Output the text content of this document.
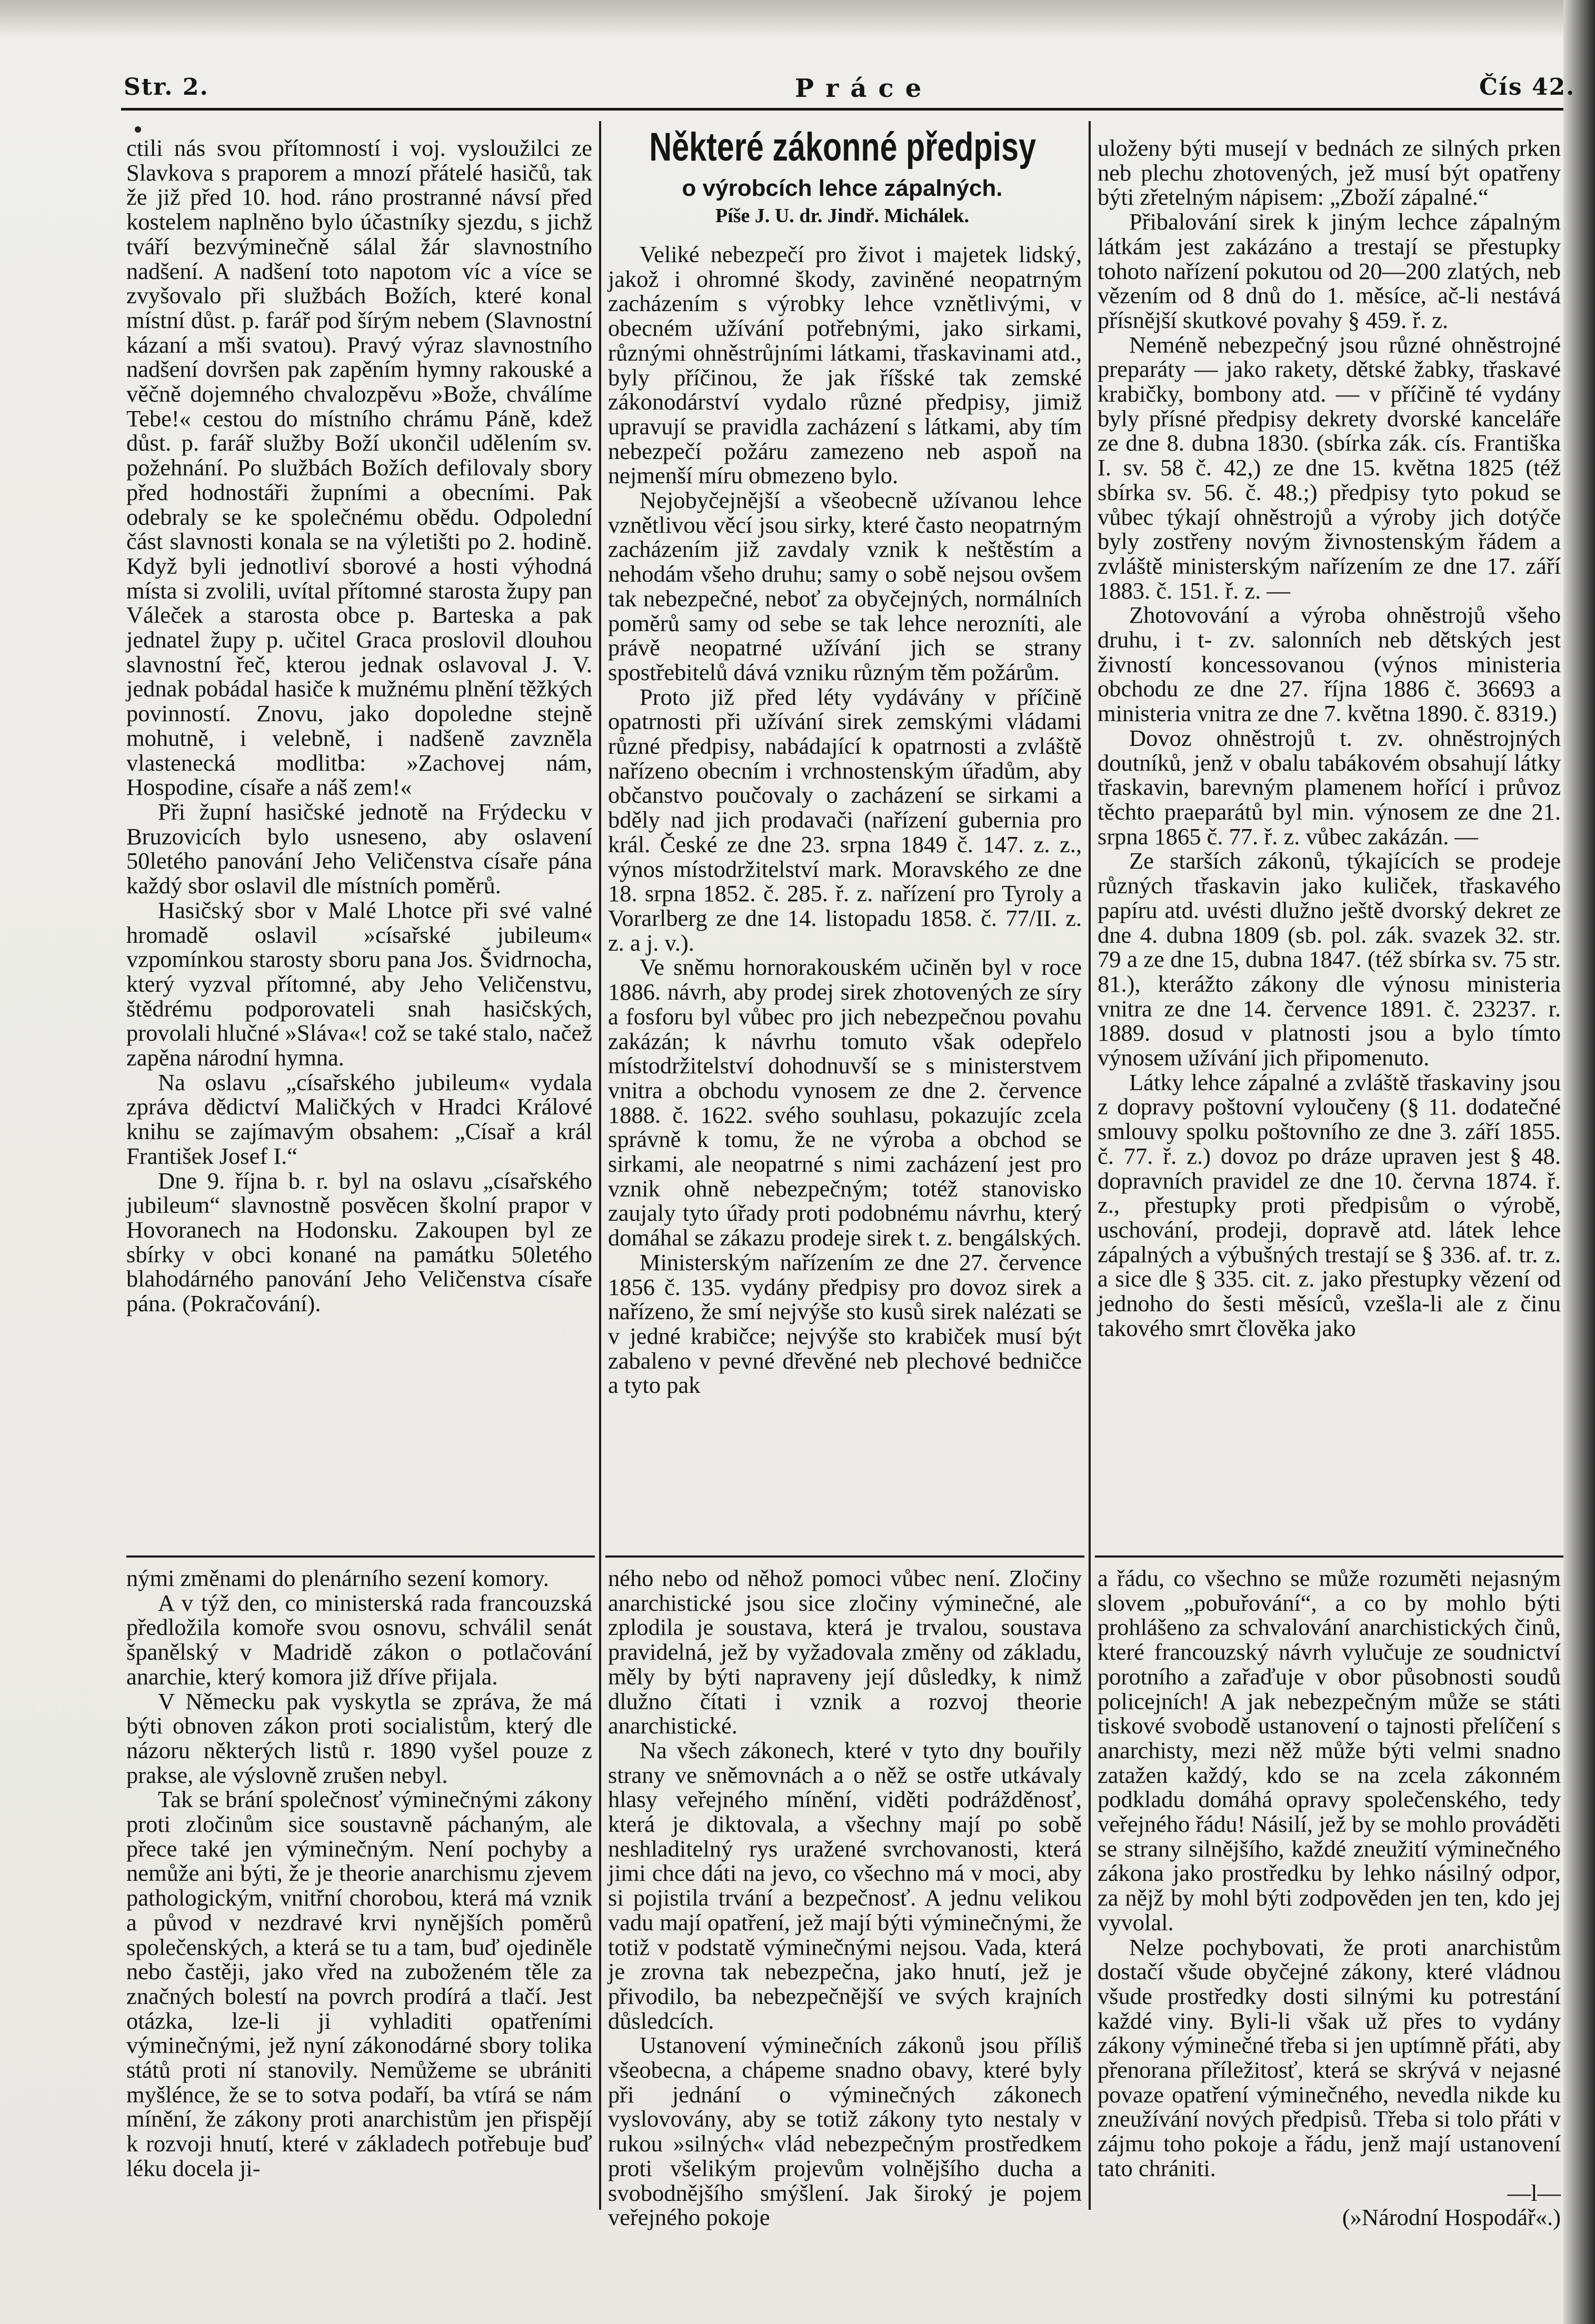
Str. 2.	Práce	Čís 42.

ctili nás svou přítomností i voj. vysloužilci ze Slavkova s praporem a mnozí přátelé hasičů, tak že již před 10. hod. ráno prostranné návsí před kostelem naplněno bylo účastníky sjezdu, s jichž tváří bezvýminečně sálal žár slavnostního nadšení. A nadšení toto napotom víc a více se zvyšovalo při službách Božích, které konal místní důst. p. farář pod šírým nebem (Slavnostní kázaní a mši svatou). Pravý výraz slavnostního nadšení dovršen pak zapěním hymny rakouské a věčně dojemného chvalozpěvu »Bože, chválíme Tebe!« cestou do místního chrámu Páně, kdež důst. p. farář služby Boží ukončil udělením sv. požehnání. Po službách Božích defilovaly sbory před hodnostáři župními a obecními. Pak odebraly se ke společnému obědu. Odpolední část slavnosti konala se na výletišti po 2. hodině. Když byli jednotliví sborové a hosti výhodná místa si zvolili, uvítal přítomné starosta župy pan Váleček a starosta obce p. Barteska a pak jednatel župy p. učitel Graca proslovil dlouhou slavnostní řeč, kterou jednak oslavoval J. V. jednak pobádal hasiče k mužnému plnění těžkých povinností. Znovu, jako dopoledne stejně mohutně, i velebně, i nadšeně zavzněla vlastenecká modlitba: »Zachovej nám, Hospodine, císaře a náš zem!«

Při župní hasičské jednotě na Frýdecku v Bruzovicích bylo usneseno, aby oslavení 50letého panování Jeho Veličenstva císaře pána každý sbor oslavil dle místních poměrů.

Hasičský sbor v Malé Lhotce při své valné hromadě oslavil »císařské jubileum« vzpomínkou starosty sboru pana Jos. Švidrnocha, který vyzval přítomné, aby Jeho Veličenstvu, štědrému podporovateli snah hasičských, provolali hlučné »Sláva«! což se také stalo, načež zapěna národní hymna.

Na oslavu „císařského jubileum« vydala zpráva dědictví Maličkých v Hradci Králové knihu se zajímavým obsahem: „Císař a král František Josef I.“

Dne 9. října b. r. byl na oslavu „císařského jubileum“ slavnostně posvěcen školní prapor v Hovoranech na Hodonsku. Zakoupen byl ze sbírky v obci konané na památku 50letého blahodárného panování Jeho Veličenstva císaře pána. (Pokračování).

Některé zákonné předpisy

o výrobcích lehce zápalných.

Píše J. U. dr. Jindř. Michálek.

Veliké nebezpečí pro život i majetek lidský, jakož i ohromné škody, zaviněné neopatrným zacházením s výrobky lehce vznětlivými, v obecném užívání potřebnými, jako sirkami, různými ohněstrůjními látkami, třaskavinami atd., byly příčinou, že jak říšské tak zemské zákonodárství vydalo různé předpisy, jimiž upravují se pravidla zacházení s látkami, aby tím nebezpečí požáru zamezeno neb aspoň na nejmenší míru obmezeno bylo.

Nejobyčejnější a všeobecně užívanou lehce vznětlivou věcí jsou sirky, které často neopatrným zacházením již zavdaly vznik k neštěstím a nehodám všeho druhu; samy o sobě nejsou ovšem tak nebezpečné, neboť za obyčejných, normálních poměrů samy od sebe se tak lehce nerozníti, ale právě neopatrné užívání jich se strany spostřebitelů dává vzniku různým těm požárům.

Proto již před léty vydávány v příčině opatrnosti při užívání sirek zemskými vládami různé předpisy, nabádající k opatrnosti a zvláště nařízeno obecním i vrchnostenským úřadům, aby občanstvo poučovaly o zacházení se sirkami a bděly nad jich prodavači (nařízení gubernia pro král. České ze dne 23. srpna 1849 č. 147. z. z., výnos místodržitelství mark. Moravského ze dne 18. srpna 1852. č. 285. ř. z. nařízení pro Tyroly a Vorarlberg ze dne 14. listopadu 1858. č. 77/II. z. z. a j. v.).

Ve sněmu hornorakouském učiněn byl v roce 1886. návrh, aby prodej sirek zhotovených ze síry a fosforu byl vůbec pro jich nebezpečnou povahu zakázán; k návrhu tomuto však odepřelo místodržitelství dohodnuvší se s ministerstvem vnitra a obchodu vynosem ze dne 2. července 1888. č. 1622. svého souhlasu, pokazujíc zcela správně k tomu, že ne výroba a obchod se sirkami, ale neopatrné s nimi zacházení jest pro vznik ohně nebezpečným; totéž stanovisko zaujaly tyto úřady proti podobnému návrhu, který domáhal se zákazu prodeje sirek t. z. bengálských.

Ministerským nařízením ze dne 27. července 1856 č. 135. vydány předpisy pro dovoz sirek a nařízeno, že smí nejvýše sto kusů sirek nalézati se v jedné krabičce; nejvýše sto krabiček musí být zabaleno v pevné dřevěné neb plechové bedničce a tyto pak

uloženy býti musejí v bednách ze silných prken neb plechu zhotovených, jež musí být opatřeny býti zřetelným nápisem: „Zboží zápalné.“

Přibalování sirek k jiným lechce zápalným látkám jest zakázáno a trestají se přestupky tohoto nařízení pokutou od 20—200 zlatých, neb vězením od 8 dnů do 1. měsíce, ač-li nestává přísnější skutkové povahy § 459. ř. z.

Neméně nebezpečný jsou různé ohněstrojné preparáty — jako rakety, dětské žabky, třaskavé krabičky, bombony atd. — v příčině té vydány byly přísné předpisy dekrety dvorské kanceláře ze dne 8. dubna 1830. (sbírka zák. cís. Františka I. sv. 58 č. 42,) ze dne 15. května 1825 (též sbírka sv. 56. č. 48.;) předpisy tyto pokud se vůbec týkají ohněstrojů a výroby jich dotýče byly zostřeny novým živnostenským řádem a zvláště ministerským nařízením ze dne 17. září 1883. č. 151. ř. z. —

Zhotovování a výroba ohněstrojů všeho druhu, i t- zv. salonních neb dětských jest živností koncessovanou (výnos ministeria obchodu ze dne 27. října 1886 č. 36693 a ministeria vnitra ze dne 7. května 1890. č. 8319.)

Dovoz ohněstrojů t. zv. ohněstrojných doutníků, jenž v obalu tabákovém obsahují látky třaskavin, barevným plamenem hořící i průvoz těchto praeparátů byl min. výnosem ze dne 21. srpna 1865 č. 77. ř. z. vůbec zakázán. —

Ze starších zákonů, týkajících se prodeje různých třaskavin jako kuliček, třaskavého papíru atd. uvésti dlužno ještě dvorský dekret ze dne 4. dubna 1809 (sb. pol. zák. svazek 32. str. 79 a ze dne 15, dubna 1847. (též sbírka sv. 75 str. 81.), kterážto zákony dle výnosu ministeria vnitra ze dne 14. července 1891. č. 23237. r. 1889. dosud v platnosti jsou a bylo tímto výnosem užívání jich připomenuto.

Látky lehce zápalné a zvláště třaskaviny jsou z dopravy poštovní vyloučeny (§ 11. dodatečné smlouvy spolku poštovního ze dne 3. září 1855. č. 77. ř. z.) dovoz po dráze upraven jest § 48. dopravních pravidel ze dne 10. června 1874. ř. z., přestupky proti předpisům o výrobě, uschování, prodeji, dopravě atd. látek lehce zápalných a výbušných trestají se § 336. af. tr. z. a sice dle § 335. cit. z. jako přestupky vězení od jednoho do šesti měsíců, vzešla-li ale z činu takového smrt člověka jako

nými změnami do plenárního sezení komory.

A v týž den, co ministerská rada francouzská předložila komoře svou osnovu, schválil senát španělský v Madridě zákon o potlačování anarchie, který komora již dříve přijala.

V Německu pak vyskytla se zpráva, že má býti obnoven zákon proti socialistům, který dle názoru některých listů r. 1890 vyšel pouze z prakse, ale výslovně zrušen nebyl.

Tak se brání společnosť výminečnými zákony proti zločinům sice soustavně páchaným, ale přece také jen výminečným. Není pochyby a nemůže ani býti, že je theorie anarchismu zjevem pathologickým, vnitřní chorobou, která má vznik a původ v nezdravé krvi nynějších poměrů společenských, a která se tu a tam, buď ojediněle nebo častěji, jako vřed na zuboženém těle za značných bolestí na povrch prodírá a tlačí. Jest otázka, lze-li ji vyhladiti opatřeními výminečnými, jež nyní zákonodárné sbory tolika států proti ní stanovily. Nemůžeme se ubrániti myšlénce, že se to sotva podaří, ba vtírá se nám mínění, že zákony proti anarchistům jen přispějí k rozvoji hnutí, které v základech potřebuje buď léku docela ji-

ného nebo od něhož pomoci vůbec není. Zločiny anarchistické jsou sice zločiny výminečné, ale zplodila je soustava, která je trvalou, soustava pravidelná, jež by vyžadovala změny od základu, měly by býti napraveny její důsledky, k nimž dlužno čítati i vznik a rozvoj theorie anarchistické.

Na všech zákonech, které v tyto dny bouřily strany ve sněmovnách a o něž se ostře utkávaly hlasy veřejného mínění, viděti podrážděnosť, která je diktovala, a všechny mají po sobě neshladitelný rys uražené svrchovanosti, která jimi chce dáti na jevo, co všechno má v moci, aby si pojistila trvání a bezpečnosť. A jednu velikou vadu mají opatření, jež mají býti výminečnými, že totiž v podstatě výminečnými nejsou. Vada, která je zrovna tak nebezpečna, jako hnutí, jež je přivodilo, ba nebezpečnější ve svých krajních důsledcích.

Ustanovení výminečních zákonů jsou příliš všeobecna, a chápeme snadno obavy, které byly při jednání o výminečných zákonech vyslovovány, aby se totiž zákony tyto nestaly v rukou »silných« vlád nebezpečným prostředkem proti všelikým projevům volnějšího ducha a svobodnějšího smýšlení. Jak široký je pojem veřejného pokoje

a řádu, co všechno se může rozuměti nejasným slovem „pobuřování“, a co by mohlo býti prohlášeno za schvalování anarchistických činů, které francouzský návrh vylučuje ze soudnictví porotního a zařaďuje v obor působnosti soudů policejních! A jak nebezpečným může se státi tiskové svobodě ustanovení o tajnosti přelíčení s anarchisty, mezi něž může býti velmi snadno zatažen každý, kdo se na zcela zákonném podkladu domáhá opravy společenského, tedy veřejného řádu! Násilí, jež by se mohlo prováděti se strany silnějšího, každé zneužití výminečného zákona jako prostředku by lehko násilný odpor, za nějž by mohl býti zodpověden jen ten, kdo jej vyvolal.

Nelze pochybovati, že proti anarchistům dostačí všude obyčejné zákony, které vládnou všude prostředky dosti silnými ku potrestání každé viny. Byli-li však už přes to vydány zákony výminečné třeba si jen uptímně přáti, aby přenorana příležitosť, která se skrývá v nejasné povaze opatření výminečného, nevedla nikde ku zneužívání nových předpisů. Třeba si tolo přáti v zájmu toho pokoje a řádu, jenž mají ustanovení tato chrániti.

—l—

(»Národní Hospodář«.)
